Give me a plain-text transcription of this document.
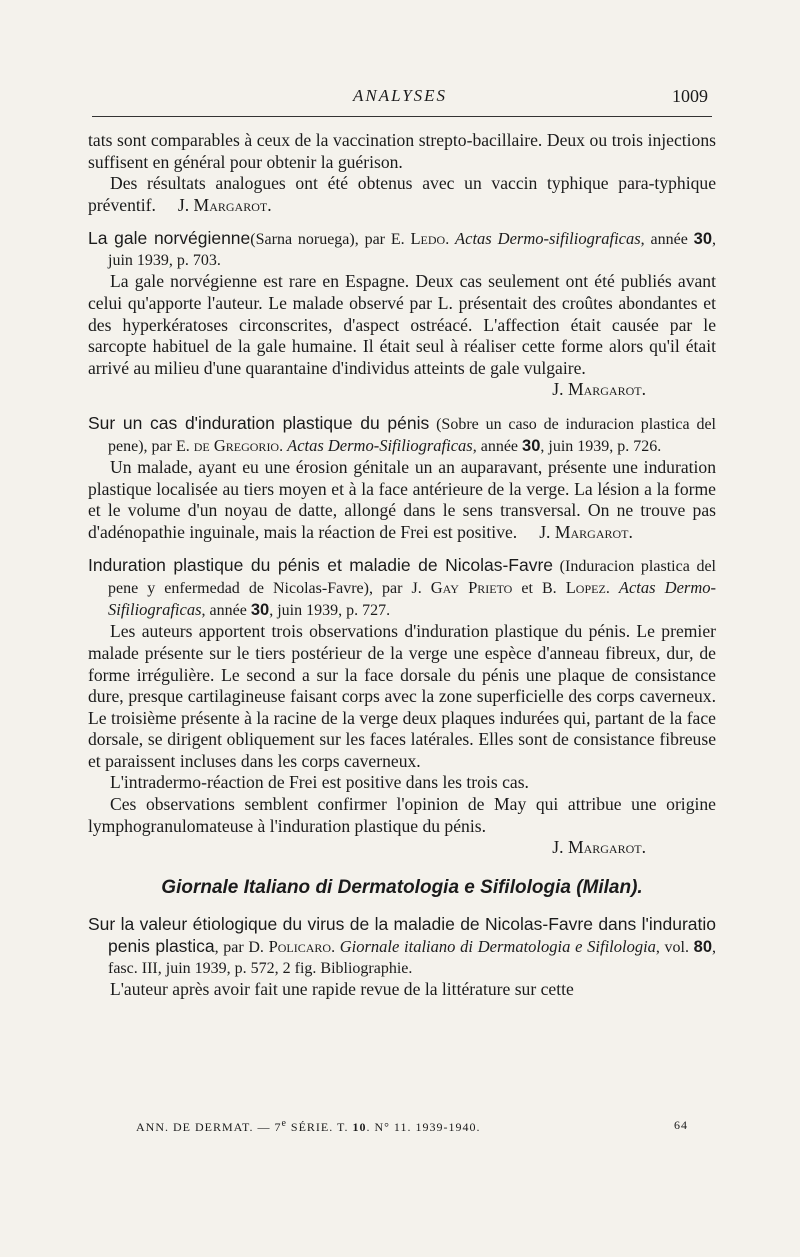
ANALYSES	1009

tats sont comparables à ceux de la vaccination strepto-bacillaire. Deux ou trois injections suffisent en général pour obtenir la guérison.

Des résultats analogues ont été obtenus avec un vaccin typhique para-typhique préventif. J. Margarot.

La gale norvégienne(Sarna noruega), par E. Ledo. Actas Dermo-sifiliograficas, année 30, juin 1939, p. 703.

La gale norvégienne est rare en Espagne. Deux cas seulement ont été publiés avant celui qu'apporte l'auteur. Le malade observé par L. présentait des croûtes abondantes et des hyperkératoses circonscrites, d'aspect ostréacé. L'affection était causée par le sarcopte habituel de la gale humaine. Il était seul à réaliser cette forme alors qu'il était arrivé au milieu d'une quarantaine d'individus atteints de gale vulgaire.

J. Margarot.

Sur un cas d'induration plastique du pénis (Sobre un caso de induracion plastica del pene), par E. de Gregorio. Actas Dermo-Sifiliograficas, année 30, juin 1939, p. 726.

Un malade, ayant eu une érosion génitale un an auparavant, présente une induration plastique localisée au tiers moyen et à la face antérieure de la verge. La lésion a la forme et le volume d'un noyau de datte, allongé dans le sens transversal. On ne trouve pas d'adénopathie inguinale, mais la réaction de Frei est positive. J. Margarot.

Induration plastique du pénis et maladie de Nicolas-Favre (Induracion plastica del pene y enfermedad de Nicolas-Favre), par J. Gay Prieto et B. Lopez. Actas Dermo-Sifiliograficas, année 30, juin 1939, p. 727.

Les auteurs apportent trois observations d'induration plastique du pénis. Le premier malade présente sur le tiers postérieur de la verge une espèce d'anneau fibreux, dur, de forme irrégulière. Le second a sur la face dorsale du pénis une plaque de consistance dure, presque cartilagineuse faisant corps avec la zone superficielle des corps caverneux. Le troisième présente à la racine de la verge deux plaques indurées qui, partant de la face dorsale, se dirigent obliquement sur les faces latérales. Elles sont de consistance fibreuse et paraissent incluses dans les corps caverneux.

L'intradermo-réaction de Frei est positive dans les trois cas.

Ces observations semblent confirmer l'opinion de May qui attribue une origine lymphogranulomateuse à l'induration plastique du pénis.

J. Margarot.

Giornale Italiano di Dermatologia e Sifilologia (Milan).

Sur la valeur étiologique du virus de la maladie de Nicolas-Favre dans l'induratio penis plastica, par D. Policaro. Giornale italiano di Dermatologia e Sifilologia, vol. 80, fasc. III, juin 1939, p. 572, 2 fig. Bibliographie.

L'auteur après avoir fait une rapide revue de la littérature sur cette

ANN. DE DERMAT. — 7e SÉRIE. T. 10. N° 11. 1939-1940.	64
